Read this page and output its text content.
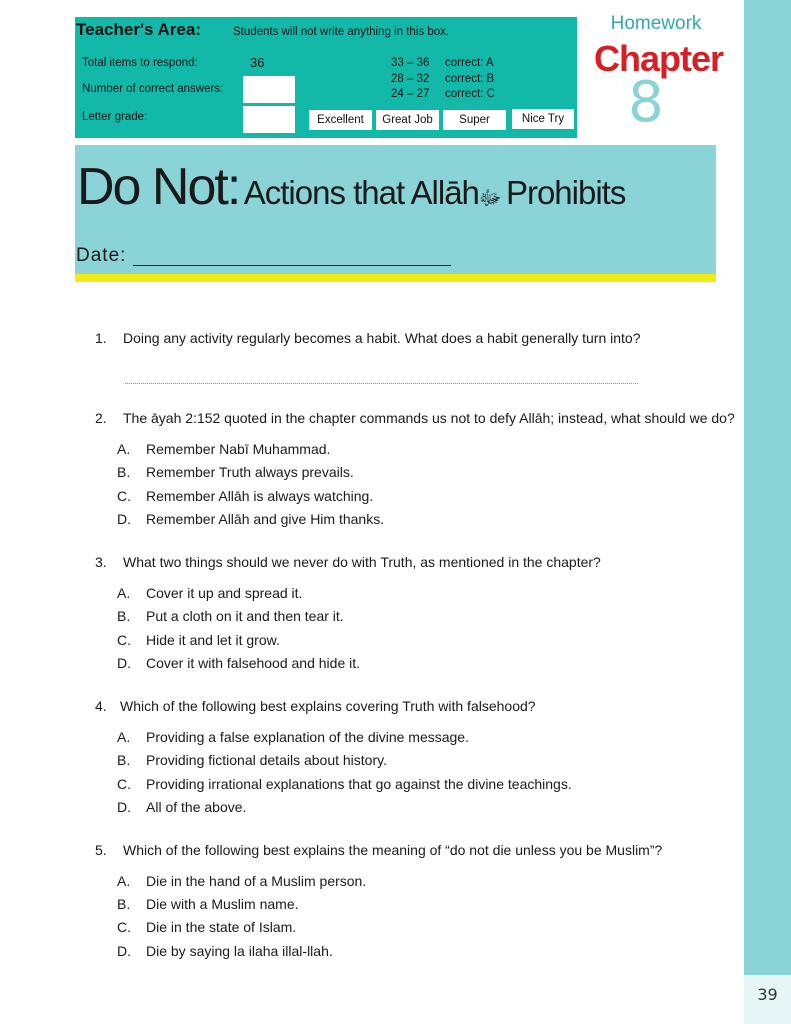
39
Teacher's Area:	Students will not write anything in this box.
Total items to respond:	36
Number of correct answers:
Letter grade:
33 – 36	correct: A
28 – 32	correct: B
24 – 27	correct: C
Excellent	Great Job	Super	Nice Try
Homework
Chapter
8
Do Not: Actions that Allāhﷻ Prohibits
Date:
1. Doing any activity regularly becomes a habit. What does a habit generally turn into?
2. The āyah 2:152 quoted in the chapter commands us not to defy Allāh; instead, what should we do?
A. Remember Nabī Muhammad.
B. Remember Truth always prevails.
C. Remember Allāh is always watching.
D. Remember Allāh and give Him thanks.
3. What two things should we never do with Truth, as mentioned in the chapter?
A. Cover it up and spread it.
B. Put a cloth on it and then tear it.
C. Hide it and let it grow.
D. Cover it with falsehood and hide it.
4. Which of the following best explains covering Truth with falsehood?
A. Providing a false explanation of the divine message.
B. Providing fictional details about history.
C. Providing irrational explanations that go against the divine teachings.
D. All of the above.
5. Which of the following best explains the meaning of “do not die unless you be Muslim”?
A. Die in the hand of a Muslim person.
B. Die with a Muslim name.
C. Die in the state of Islam.
D. Die by saying la ilaha illal-llah.
